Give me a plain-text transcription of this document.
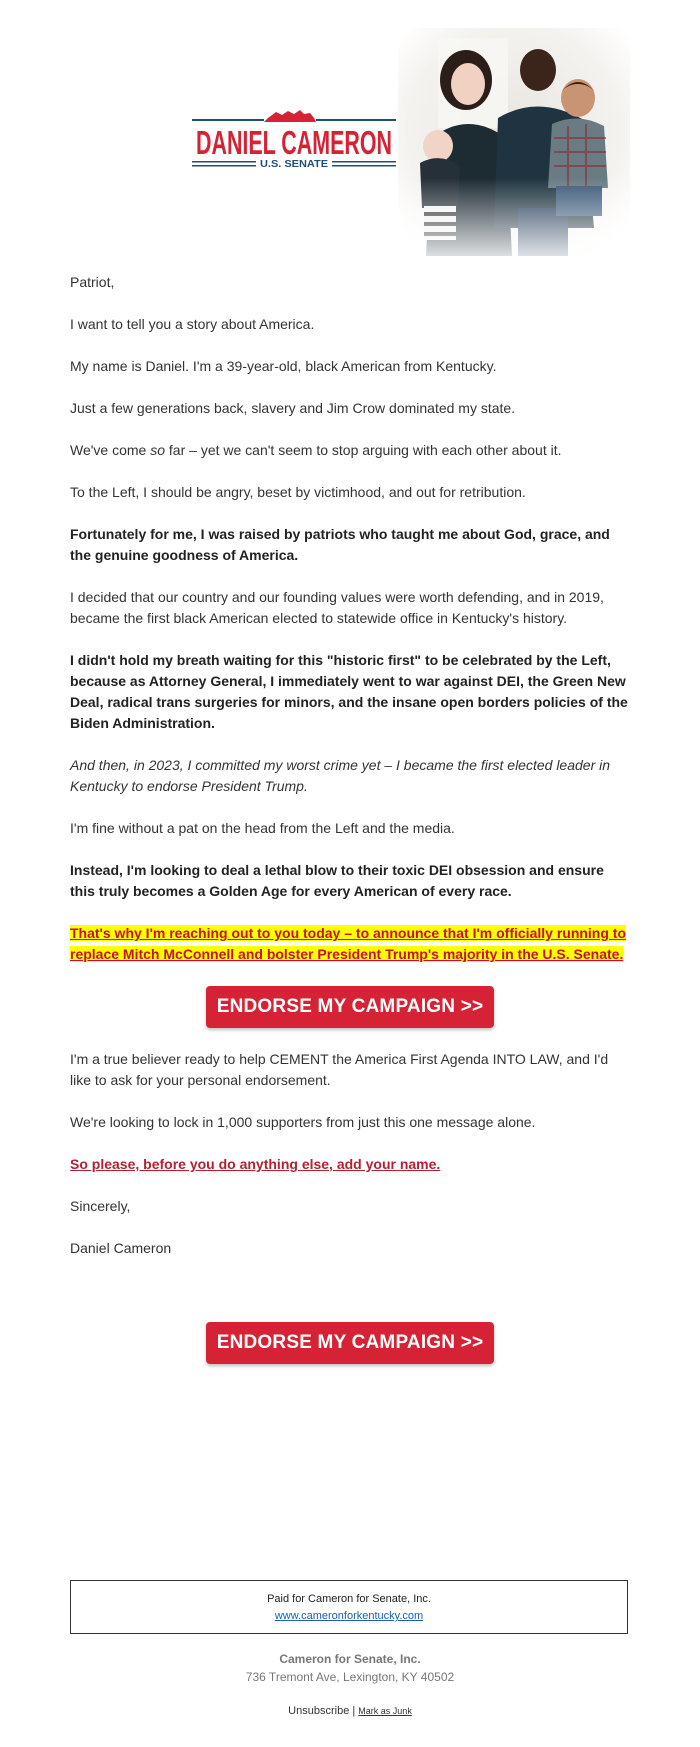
DANIEL CAMERON
U.S. SENATE

Patriot,

I want to tell you a story about America.

My name is Daniel. I'm a 39-year-old, black American from Kentucky.

Just a few generations back, slavery and Jim Crow dominated my state.

We've come so far – yet we can't seem to stop arguing with each other about it.

To the Left, I should be angry, beset by victimhood, and out for retribution.

Fortunately for me, I was raised by patriots who taught me about God, grace, and the genuine goodness of America.

I decided that our country and our founding values were worth defending, and in 2019, became the first black American elected to statewide office in Kentucky's history.

I didn't hold my breath waiting for this "historic first" to be celebrated by the Left, because as Attorney General, I immediately went to war against DEI, the Green New Deal, radical trans surgeries for minors, and the insane open borders policies of the Biden Administration.

And then, in 2023, I committed my worst crime yet – I became the first elected leader in Kentucky to endorse President Trump.

I'm fine without a pat on the head from the Left and the media.

Instead, I'm looking to deal a lethal blow to their toxic DEI obsession and ensure this truly becomes a Golden Age for every American of every race.

That's why I'm reaching out to you today – to announce that I'm officially running to replace Mitch McConnell and bolster President Trump's majority in the U.S. Senate.

ENDORSE MY CAMPAIGN >>

I'm a true believer ready to help CEMENT the America First Agenda INTO LAW, and I'd like to ask for your personal endorsement.

We're looking to lock in 1,000 supporters from just this one message alone.

So please, before you do anything else, add your name.

Sincerely,

Daniel Cameron

ENDORSE MY CAMPAIGN >>
Paid for Cameron for Senate, Inc.
www.cameronforkentucky.com
Cameron for Senate, Inc.
736 Tremont Ave, Lexington, KY 40502
Unsubscribe | Mark as Junk
